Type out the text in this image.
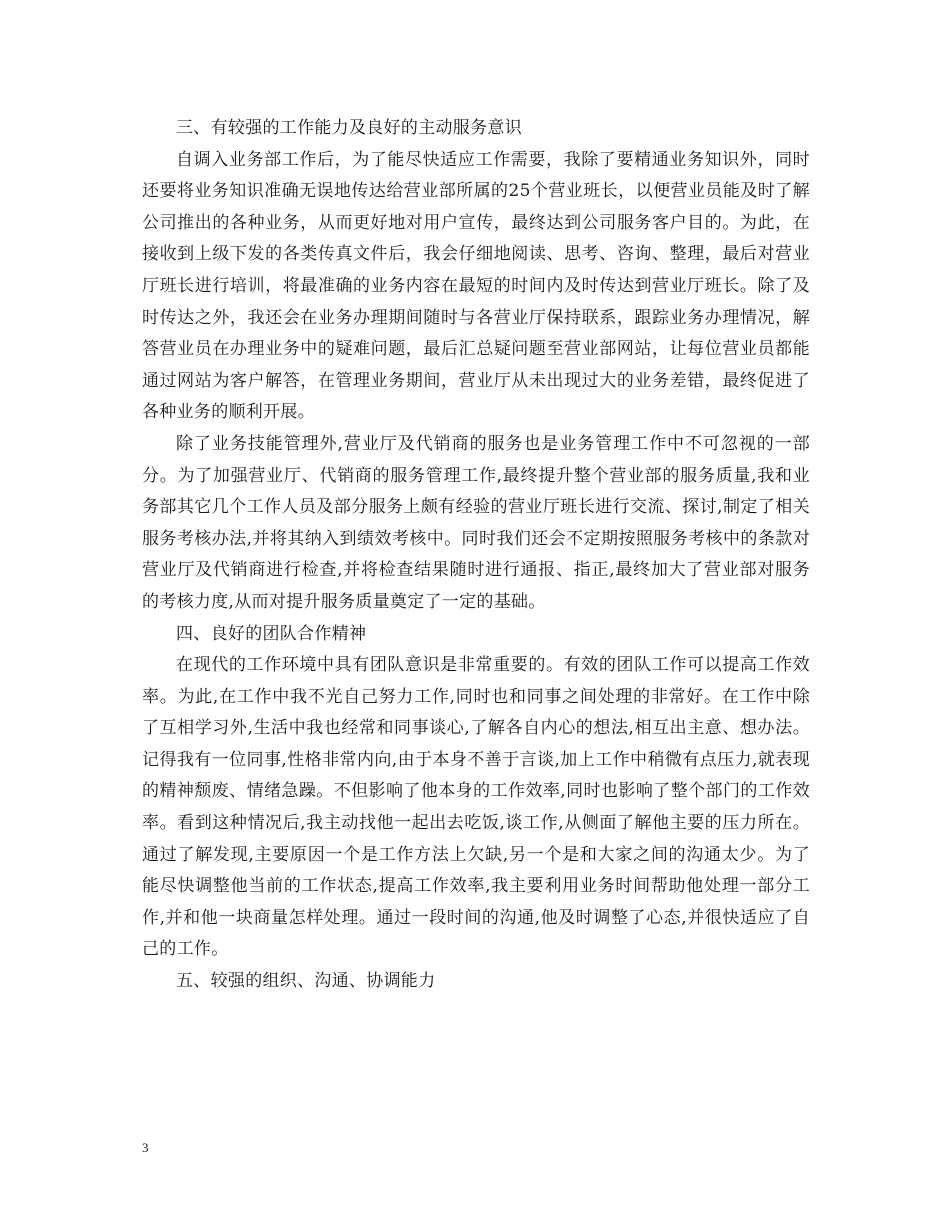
三、有较强的工作能力及良好的主动服务意识

自调入业务部工作后，为了能尽快适应工作需要，我除了要精通业务知识外，同时还要将业务知识准确无误地传达给营业部所属的25个营业班长，以便营业员能及时了解公司推出的各种业务，从而更好地对用户宣传，最终达到公司服务客户目的。为此，在接收到上级下发的各类传真文件后，我会仔细地阅读、思考、咨询、整理，最后对营业厅班长进行培训，将最准确的业务内容在最短的时间内及时传达到营业厅班长。除了及时传达之外，我还会在业务办理期间随时与各营业厅保持联系，跟踪业务办理情况，解答营业员在办理业务中的疑难问题，最后汇总疑问题至营业部网站，让每位营业员都能通过网站为客户解答，在管理业务期间，营业厅从未出现过大的业务差错，最终促进了各种业务的顺利开展。

除了业务技能管理外,营业厅及代销商的服务也是业务管理工作中不可忽视的一部分。为了加强营业厅、代销商的服务管理工作,最终提升整个营业部的服务质量,我和业务部其它几个工作人员及部分服务上颇有经验的营业厅班长进行交流、探讨,制定了相关服务考核办法,并将其纳入到绩效考核中。同时我们还会不定期按照服务考核中的条款对营业厅及代销商进行检查,并将检查结果随时进行通报、指正,最终加大了营业部对服务的考核力度,从而对提升服务质量奠定了一定的基础。

四、良好的团队合作精神

在现代的工作环境中具有团队意识是非常重要的。有效的团队工作可以提高工作效率。为此,在工作中我不光自己努力工作,同时也和同事之间处理的非常好。在工作中除了互相学习外,生活中我也经常和同事谈心,了解各自内心的想法,相互出主意、想办法。记得我有一位同事,性格非常内向,由于本身不善于言谈,加上工作中稍微有点压力,就表现的精神颓废、情绪急躁。不但影响了他本身的工作效率,同时也影响了整个部门的工作效率。看到这种情况后,我主动找他一起出去吃饭,谈工作,从侧面了解他主要的压力所在。通过了解发现,主要原因一个是工作方法上欠缺,另一个是和大家之间的沟通太少。为了能尽快调整他当前的工作状态,提高工作效率,我主要利用业务时间帮助他处理一部分工作,并和他一块商量怎样处理。通过一段时间的沟通,他及时调整了心态,并很快适应了自己的工作。

五、较强的组织、沟通、协调能力

3
